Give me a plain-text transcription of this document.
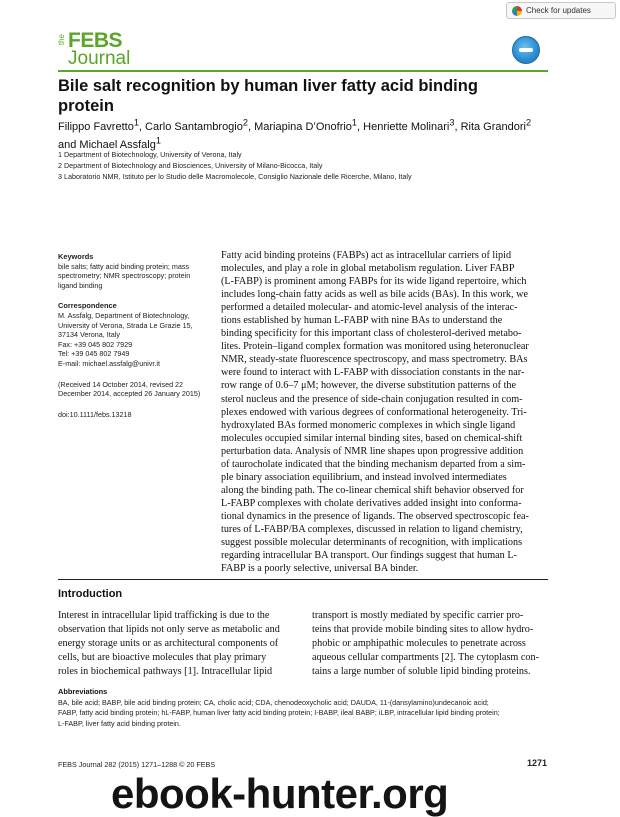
Check for updates
the FEBS
Journal
Bile salt recognition by human liver fatty acid binding
protein
Filippo Favretto$^1$, Carlo Santambrogio$^2$, Mariapina D’Onofrio$^1$, Henriette Molinari$^3$, Rita Grandori$^2$
and Michael Assfalg$^1$
1 Department of Biotechnology, University of Verona, Italy
2 Department of Biotechnology and Biosciences, University of Milano-Bicocca, Italy
3 Laboratorio NMR, Istituto per lo Studio delle Macromolecole, Consiglio Nazionale delle Ricerche, Milano, Italy
Keywords

bile salts; fatty acid binding protein; mass

spectrometry; NMR spectroscopy; protein

ligand binding

Correspondence

M. Assfalg, Department of Biotechnology,

University of Verona, Strada Le Grazie 15,

37134 Verona, Italy

Fax: +39 045 802 7929

Tel: +39 045 802 7949

E-mail: michael.assfalg@univr.it

(Received 14 October 2014, revised 22

December 2014, accepted 26 January 2015)

doi:10.1111/febs.13218

Fatty acid binding proteins (FABPs) act as intracellular carriers of lipid
molecules, and play a role in global metabolism regulation. Liver FABP
(L-FABP) is prominent among FABPs for its wide ligand repertoire, which
includes long-chain fatty acids as well as bile acids (BAs). In this work, we
performed a detailed molecular- and atomic-level analysis of the interac-
tions established by human L-FABP with nine BAs to understand the
binding specificity for this important class of cholesterol-derived metabo-
lites. Protein–ligand complex formation was monitored using heteronuclear
NMR, steady-state fluorescence spectroscopy, and mass spectrometry. BAs
were found to interact with L-FABP with dissociation constants in the nar-
row range of 0.6–7 μM; however, the diverse substitution patterns of the
sterol nucleus and the presence of side-chain conjugation resulted in com-
plexes endowed with various degrees of conformational heterogeneity. Tri-
hydroxylated BAs formed monomeric complexes in which single ligand
molecules occupied similar internal binding sites, based on chemical-shift
perturbation data. Analysis of NMR line shapes upon progressive addition
of taurocholate indicated that the binding mechanism departed from a sim-
ple binary association equilibrium, and instead involved intermediates
along the binding path. The co-linear chemical shift behavior observed for
L-FABP complexes with cholate derivatives added insight into conforma-
tional dynamics in the presence of ligands. The observed spectroscopic fea-
tures of L-FABP/BA complexes, discussed in relation to ligand chemistry,
suggest possible molecular determinants of recognition, with implications
regarding intracellular BA transport. Our findings suggest that human L-
FABP is a poorly selective, universal BA binder.
Introduction
Interest in intracellular lipid trafficking is due to the
observation that lipids not only serve as metabolic and
energy storage units or as architectural components of
cells, but are bioactive molecules that play primary
roles in biochemical pathways [1]. Intracellular lipid
transport is mostly mediated by specific carrier pro-
teins that provide mobile binding sites to allow hydro-
phobic or amphipathic molecules to penetrate across
aqueous cellular compartments [2]. The cytoplasm con-
tains a large number of soluble lipid binding proteins.
Abbreviations
BA, bile acid; BABP, bile acid binding protein; CA, cholic acid; CDA, chenodeoxycholic acid; DAUDA, 11-(dansylamino)undecanoic acid;
FABP, fatty acid binding protein; hL-FABP, human liver fatty acid binding protein; I-BABP, ileal BABP; iLBP, intracellular lipid binding protein;
L-FABP, liver fatty acid binding protein.
FEBS Journal 282 (2015) 1271–1288 © 20 FEBS	1271
ebook-hunter.org
